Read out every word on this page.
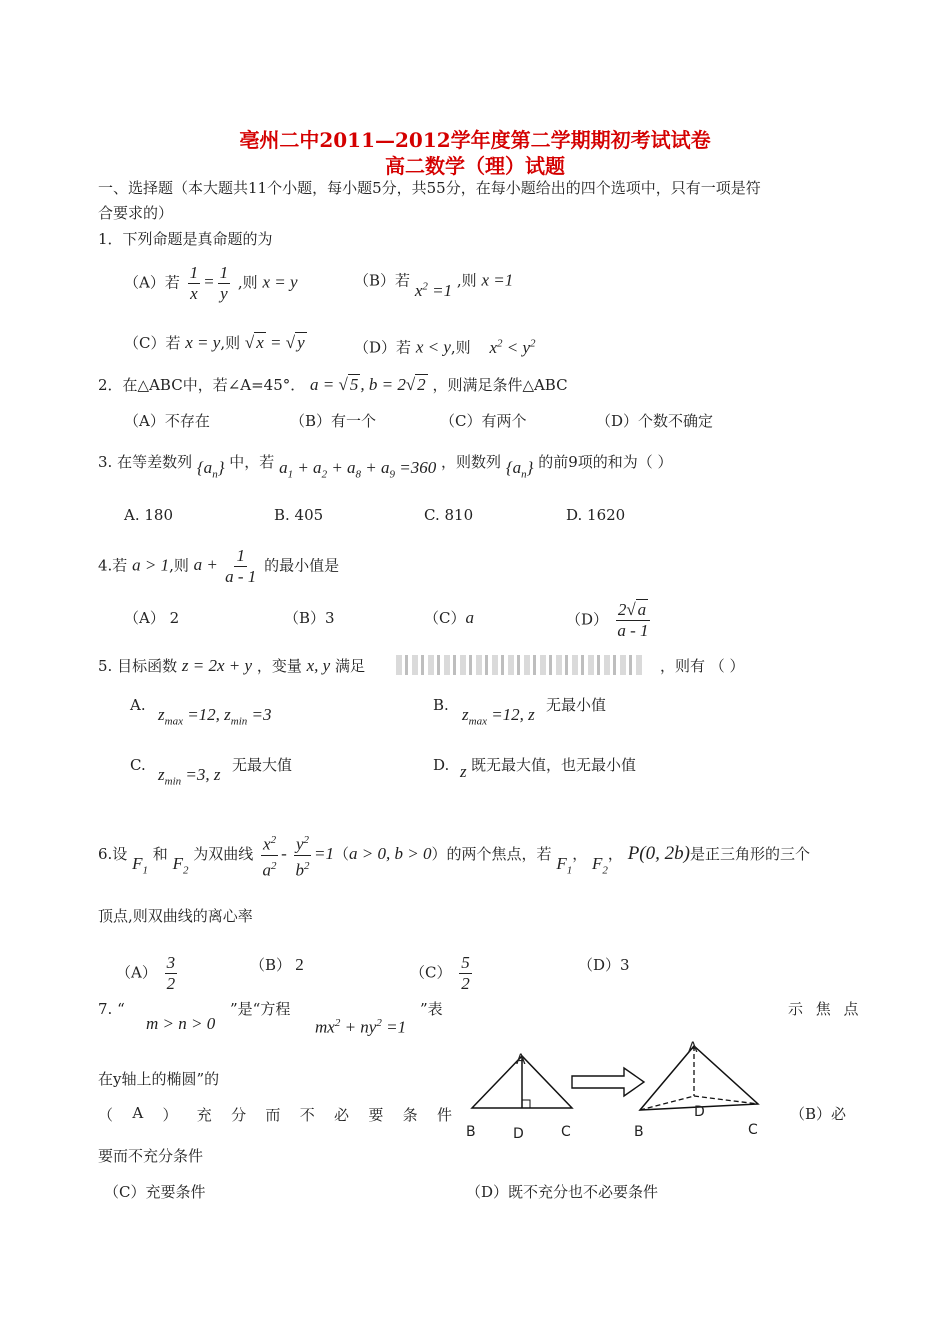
亳州二中2011—2012学年度第二学期期初考试试卷
高二数学（理）试题
一、选择题（本大题共11个小题，每小题5分，共55分，在每小题给出的四个选项中，只有一项是符
合要求的）
1．下列命题是真命题的为
（A）若 $\frac{1}{x} = \frac{1}{y}$ ,则 x = y	（B）若 $x^2 =1$ ,则 x =1
（C）若 x = y,则 √ x = √ y	（D）若 x < y,则 $x^2 < y^2$
2．在△ABC中，若∠A=45°． a = √ 5 , b = 2√ 2 ，则满足条件△ABC
（A）不存在	（B）有一个	（C）有两个	（D）个数不确定
3. 在等差数列 $\{a_n\}$ 中，若 $a_1 + a_2 + a_8 + a_9 =360$ ，则数列 $\{a_n\}$ 的前9项的和为（ ）
A. 180	B. 405	C. 810	D. 1620
4.若 a > 1,则 $a + \frac{1}{a - 1}$ 的最小值是
（A） 2	（B）3	（C）a	$(D) \frac{2√ a}{a - 1}$
5. 目标函数 z = 2x + y ，变量 x, y 满足	，则有 （ ）
A. $z_{max} =12$, $z_{min} =3$	B. $z_{max} =12$, z 无最小值
C. $z_{min} =3$, z 无最大值	D. z 既无最大值，也无最小值
6.设 $F_1$ 和 $F_2$ 为双曲线 $\frac{x^2}{a^2} - \frac{y^2}{b^2} =1(a > 0$, b > 0）的两个焦点，若 $F_1$， $F_2$， P(0, 2b)是正三角形的三个
顶点,则双曲线的离心率
$(A) \frac{3}{2}$	（B） 2	$(C) \frac{5}{2}$	（D）3
7. “
m > n > 0
”是“方程
$mx^2 + ny^2 =1$
”表	示 焦 点
在y轴上的椭圆”的
（ A ） 充 分 而 不 必 要 条 件	（B）必
要而不充分条件
（C）充要条件	（D）既不充分也不必要条件
A
B	D	C
A
B
D
C
